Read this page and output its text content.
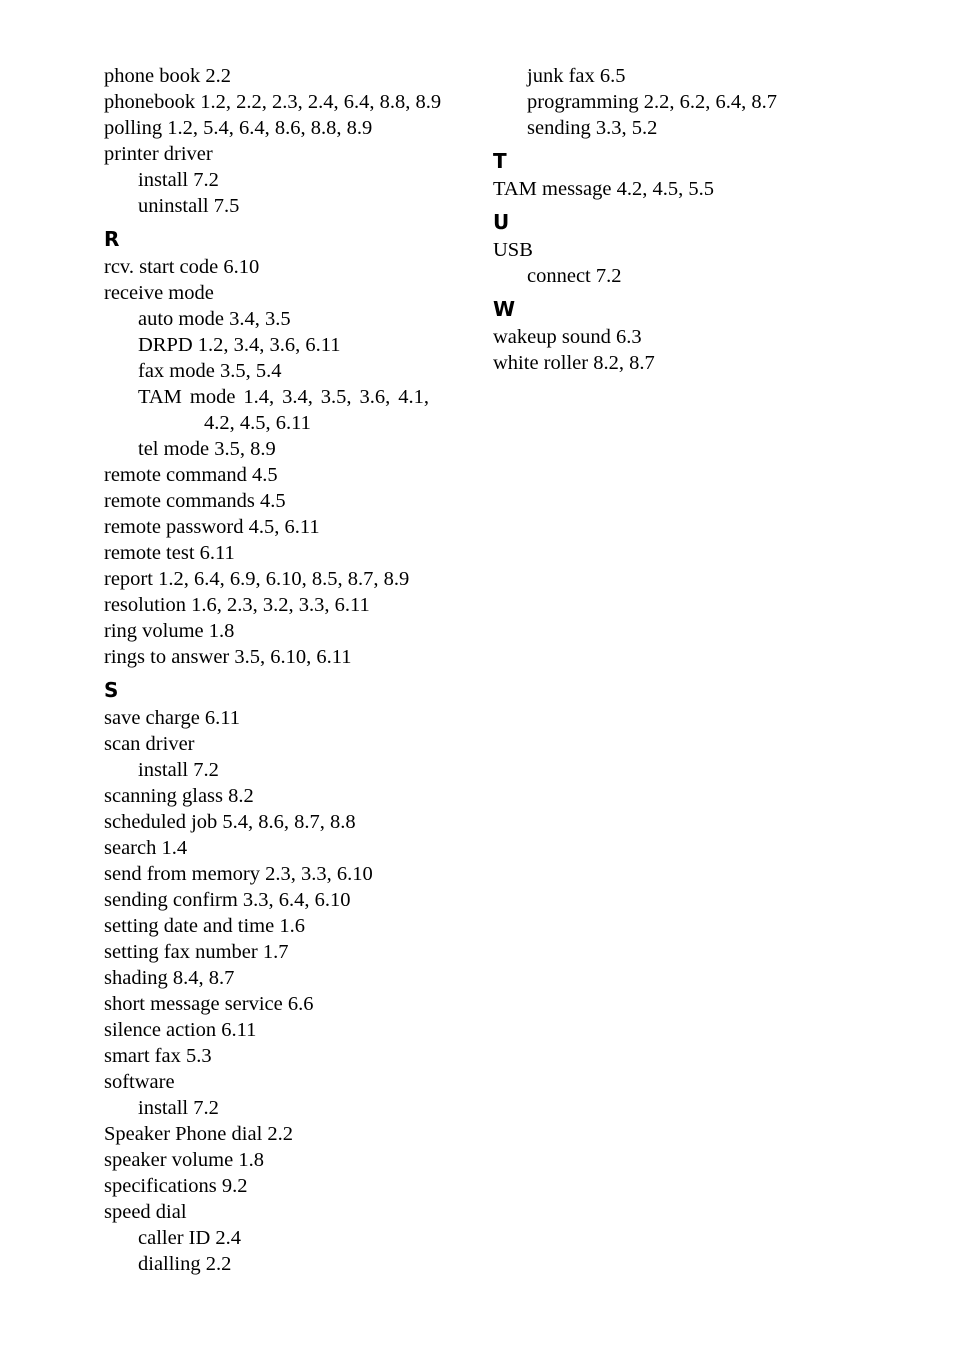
phone book 2.2
phonebook 1.2, 2.2, 2.3, 2.4, 6.4, 8.8, 8.9
polling 1.2, 5.4, 6.4, 8.6, 8.8, 8.9
printer driver
install 7.2
uninstall 7.5
R
rcv. start code 6.10
receive mode
auto mode 3.4, 3.5
DRPD 1.2, 3.4, 3.6, 6.11
fax mode 3.5, 5.4
TAM mode 1.4, 3.4, 3.5, 3.6, 4.1, 4.2, 4.5, 6.11
tel mode 3.5, 8.9
remote command 4.5
remote commands 4.5
remote password 4.5, 6.11
remote test 6.11
report 1.2, 6.4, 6.9, 6.10, 8.5, 8.7, 8.9
resolution 1.6, 2.3, 3.2, 3.3, 6.11
ring volume 1.8
rings to answer 3.5, 6.10, 6.11
S
save charge 6.11
scan driver
install 7.2
scanning glass 8.2
scheduled job 5.4, 8.6, 8.7, 8.8
search 1.4
send from memory 2.3, 3.3, 6.10
sending confirm 3.3, 6.4, 6.10
setting date and time 1.6
setting fax number 1.7
shading 8.4, 8.7
short message service 6.6
silence action 6.11
smart fax 5.3
software
install 7.2
Speaker Phone dial 2.2
speaker volume 1.8
specifications 9.2
speed dial
caller ID 2.4
dialling 2.2
junk fax 6.5
programming 2.2, 6.2, 6.4, 8.7
sending 3.3, 5.2
T
TAM message 4.2, 4.5, 5.5
U
USB
connect 7.2
W
wakeup sound 6.3
white roller 8.2, 8.7
